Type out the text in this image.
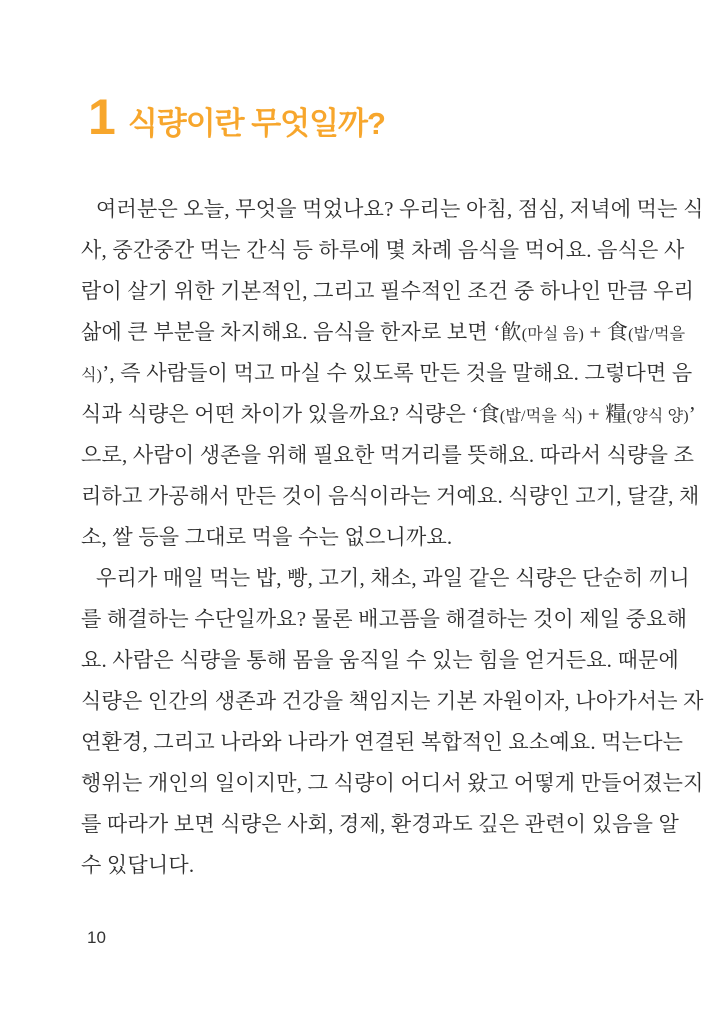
1 식량이란 무엇일까?
여러분은 오늘, 무엇을 먹었나요? 우리는 아침, 점심, 저녁에 먹는 식
사, 중간중간 먹는 간식 등 하루에 몇 차례 음식을 먹어요. 음식은 사
람이 살기 위한 기본적인, 그리고 필수적인 조건 중 하나인 만큼 우리
삶에 큰 부분을 차지해요. 음식을 한자로 보면 ‘飮(마실 음) + 食(밥/먹을
식)’, 즉 사람들이 먹고 마실 수 있도록 만든 것을 말해요. 그렇다면 음
식과 식량은 어떤 차이가 있을까요? 식량은 ‘食(밥/먹을 식) + 糧(양식 양)’
으로, 사람이 생존을 위해 필요한 먹거리를 뜻해요. 따라서 식량을 조
리하고 가공해서 만든 것이 음식이라는 거예요. 식량인 고기, 달걀, 채
소, 쌀 등을 그대로 먹을 수는 없으니까요.
우리가 매일 먹는 밥, 빵, 고기, 채소, 과일 같은 식량은 단순히 끼니
를 해결하는 수단일까요? 물론 배고픔을 해결하는 것이 제일 중요해
요. 사람은 식량을 통해 몸을 움직일 수 있는 힘을 얻거든요. 때문에
식량은 인간의 생존과 건강을 책임지는 기본 자원이자, 나아가서는 자
연환경, 그리고 나라와 나라가 연결된 복합적인 요소예요. 먹는다는
행위는 개인의 일이지만, 그 식량이 어디서 왔고 어떻게 만들어졌는지
를 따라가 보면 식량은 사회, 경제, 환경과도 깊은 관련이 있음을 알
수 있답니다.
10
